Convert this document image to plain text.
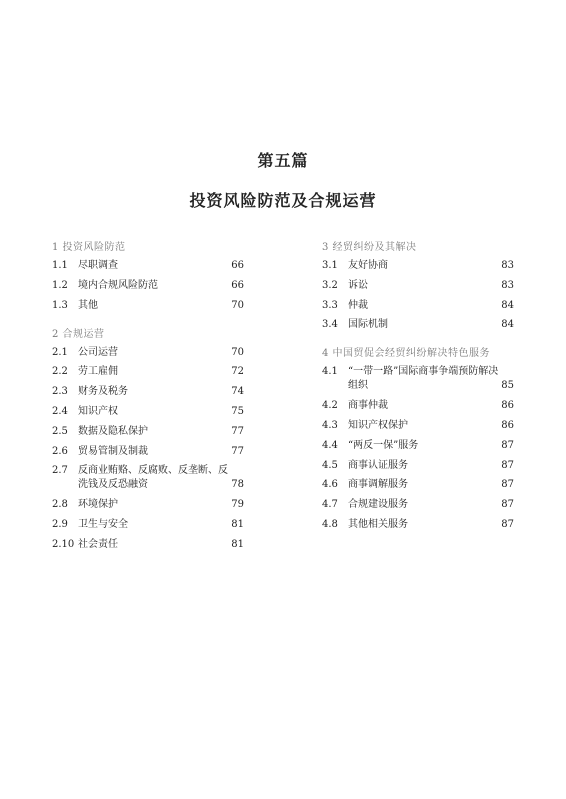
第五篇
投资风险防范及合规运营
1 投资风险防范
1.1	尽职调查	66
1.2	境内合规风险防范	66
1.3	其他	70
2 合规运营
2.1	公司运营	70
2.2	劳工雇佣	72
2.3	财务及税务	74
2.4	知识产权	75
2.5	数据及隐私保护	77
2.6	贸易管制及制裁	77
2.7	反商业贿赂、反腐败、反垄断、反洗钱及反恐融资	78
2.8	环境保护	79
2.9	卫生与安全	81
2.10 社会责任	81
3 经贸纠纷及其解决
3.1	友好协商	83
3.2	诉讼	83
3.3	仲裁	84
3.4	国际机制	84
4 中国贸促会经贸纠纷解决特色服务
4.1	“一带一路”国际商事争端预防解决组织	85
4.2	商事仲裁	86
4.3	知识产权保护	86
4.4	“两反一保”服务	87
4.5	商事认证服务	87
4.6	商事调解服务	87
4.7	合规建设服务	87
4.8	其他相关服务	87
